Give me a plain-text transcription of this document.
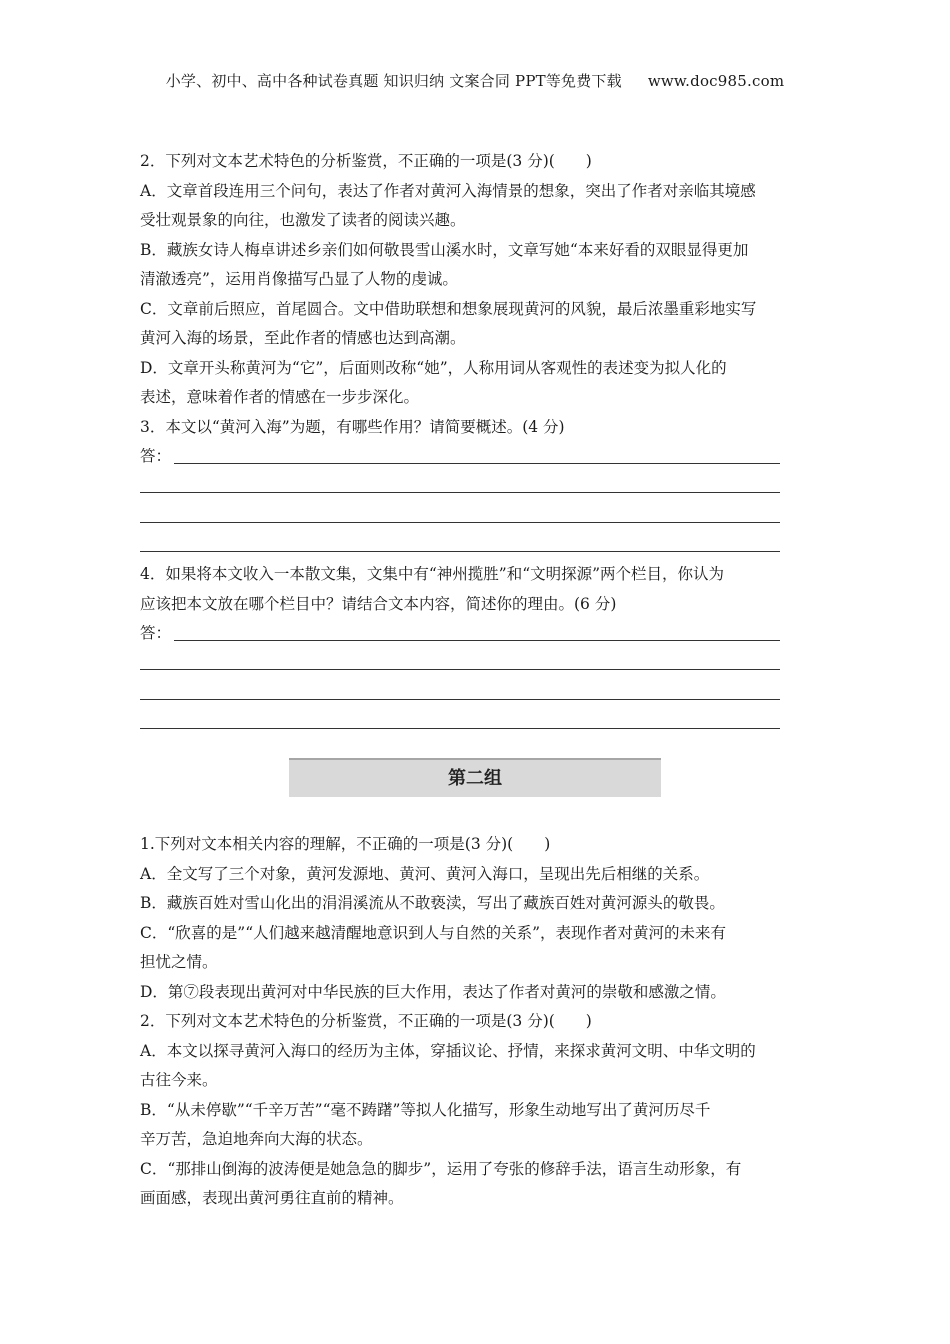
小学、初中、高中各种试卷真题 知识归纳 文案合同 PPT等免费下载 www.doc985.com
2．下列对文本艺术特色的分析鉴赏，不正确的一项是(3 分)(　　)
A．文章首段连用三个问句，表达了作者对黄河入海情景的想象，突出了作者对亲临其境感
受壮观景象的向往，也激发了读者的阅读兴趣。
B．藏族女诗人梅卓讲述乡亲们如何敬畏雪山溪水时，文章写她“本来好看的双眼显得更加
清澈透亮”，运用肖像描写凸显了人物的虔诚。
C．文章前后照应，首尾圆合。文中借助联想和想象展现黄河的风貌，最后浓墨重彩地实写
黄河入海的场景，至此作者的情感也达到高潮。
D．文章开头称黄河为“它”，后面则改称“她”，人称用词从客观性的表述变为拟人化的
表述，意味着作者的情感在一步步深化。
3．本文以“黄河入海”为题，有哪些作用？请简要概述。(4 分)
答：
4．如果将本文收入一本散文集，文集中有“神州揽胜”和“文明探源”两个栏目，你认为
应该把本文放在哪个栏目中？请结合文本内容，简述你的理由。(6 分)
答：
第二组
1.下列对文本相关内容的理解，不正确的一项是(3 分)(　　)
A．全文写了三个对象，黄河发源地、黄河、黄河入海口，呈现出先后相继的关系。
B．藏族百姓对雪山化出的涓涓溪流从不敢亵渎，写出了藏族百姓对黄河源头的敬畏。
C．“欣喜的是”“人们越来越清醒地意识到人与自然的关系”，表现作者对黄河的未来有
担忧之情。
D．第⑦段表现出黄河对中华民族的巨大作用，表达了作者对黄河的崇敬和感激之情。
2．下列对文本艺术特色的分析鉴赏，不正确的一项是(3 分)(　　)
A．本文以探寻黄河入海口的经历为主体，穿插议论、抒情，来探求黄河文明、中华文明的
古往今来。
B．“从未停歇”“千辛万苦”“毫不踌躇”等拟人化描写，形象生动地写出了黄河历尽千
辛万苦，急迫地奔向大海的状态。
C．“那排山倒海的波涛便是她急急的脚步”，运用了夸张的修辞手法，语言生动形象，有
画面感，表现出黄河勇往直前的精神。
